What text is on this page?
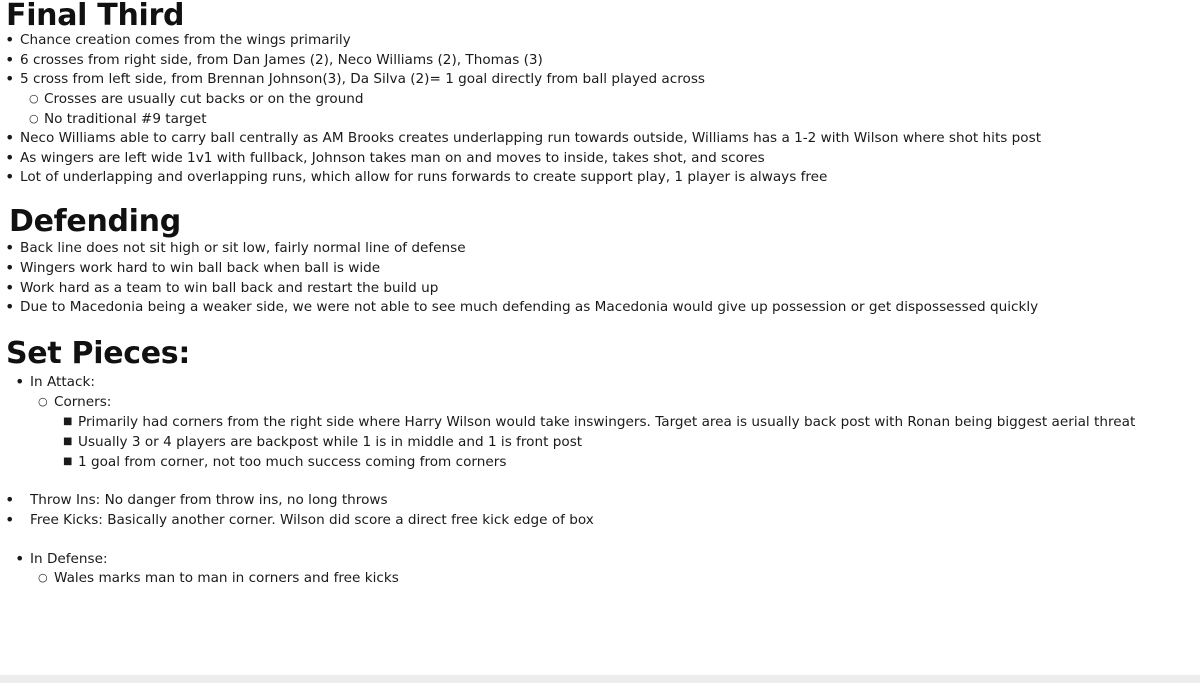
Final Third
• Chance creation comes from the wings primarily
• 6 crosses from right side, from Dan James (2), Neco Williams (2), Thomas (3)
• 5 cross from left side, from Brennan Johnson(3), Da Silva (2)= 1 goal directly from ball played across
○ Crosses are usually cut backs or on the ground
○ No traditional #9 target
• Neco Williams able to carry ball centrally as AM Brooks creates underlapping run towards outside, Williams has a 1-2 with Wilson where shot hits post
• As wingers are left wide 1v1 with fullback, Johnson takes man on and moves to inside, takes shot, and scores
• Lot of underlapping and overlapping runs, which allow for runs forwards to create support play, 1 player is always free
Defending
• Back line does not sit high or sit low, fairly normal line of defense
• Wingers work hard to win ball back when ball is wide
• Work hard as a team to win ball back and restart the build up
• Due to Macedonia being a weaker side, we were not able to see much defending as Macedonia would give up possession or get dispossessed quickly
Set Pieces:
• In Attack:
○ Corners:
■ Primarily had corners from the right side where Harry Wilson would take inswingers. Target area is usually back post with Ronan being biggest aerial threat
■ Usually 3 or 4 players are backpost while 1 is in middle and 1 is front post
■ 1 goal from corner, not too much success coming from corners
• Throw Ins: No danger from throw ins, no long throws
• Free Kicks: Basically another corner. Wilson did score a direct free kick edge of box
• In Defense:
○ Wales marks man to man in corners and free kicks
